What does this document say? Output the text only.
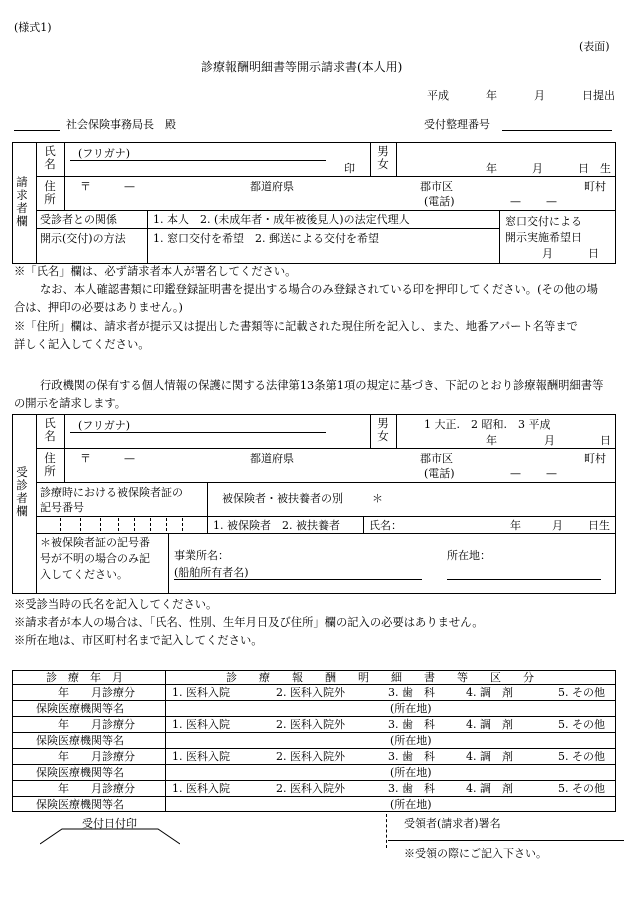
(様式1)
(表面)
診療報酬明細書等開示請求書(本人用)
平成	年	月	日提出
社会保険事務局長　殿	受付整理番号
請求者欄
氏名
(フリガナ)
印
男女	年	月	日　生
住所
〒	—	都道府県	郡市区	町村
(電話)	— —
受診者との関係	1. 本人　2. (未成年者・成年被後見人)の法定代理人
開示(交付)の方法 1. 窓口交付を希望　2. 郵送による交付を希望
窓口交付による
開示実施希望日
月	日
※「氏名」欄は、必ず請求者本人が署名してください。
なお、本人確認書類に印鑑登録証明書を提出する場合のみ登録されている印を押印してください。(その他の場
合は、押印の必要はありません。)
※「住所」欄は、請求者が提示又は提出した書類等に記載された現住所を記入し、また、地番アパート名等まで
詳しく記入してください。
行政機関の保有する個人情報の保護に関する法律第13条第1項の規定に基づき、下記のとおり診療報酬明細書等
の開示を請求します。
受診者欄
氏名
(フリガナ)	男女
1 大正.　2 昭和.　3 平成
年	月	日
住所
〒	—	都道府県	郡市区	町村
(電話)	— —
診療時における被保険者証の
記号番号
被保険者・被扶養者の別	＊
1. 被保険者　2. 被扶養者	氏名：	年	月 日生
＊被保険者証の記号番
号が不明の場合のみ記
入してください。
事業所名：
(船舶所有者名)
所在地：
※受診当時の氏名を記入してください。
※請求者が本人の場合は、「氏名、性別、生年月日及び住所」欄の記入の必要はありません。
※所在地は、市区町村名まで記入してください。
診　療　年　月	診　　療　　報　　酬　　明　　細　　書　　等　　区　　分
年　　月診療分	1. 医科入院	2. 医科入院外	3. 歯　科	4. 調　剤	5. その他
保険医療機関等名	(所在地)
年　　月診療分	1. 医科入院	2. 医科入院外	3. 歯　科	4. 調　剤	5. その他
保険医療機関等名	(所在地)
年　　月診療分	1. 医科入院	2. 医科入院外	3. 歯　科	4. 調　剤	5. その他
保険医療機関等名	(所在地)
年　　月診療分	1. 医科入院	2. 医科入院外	3. 歯　科	4. 調　剤	5. その他
保険医療機関等名	(所在地)
受付日付印	受領者(請求者)署名
※受領の際にご記入下さい。
